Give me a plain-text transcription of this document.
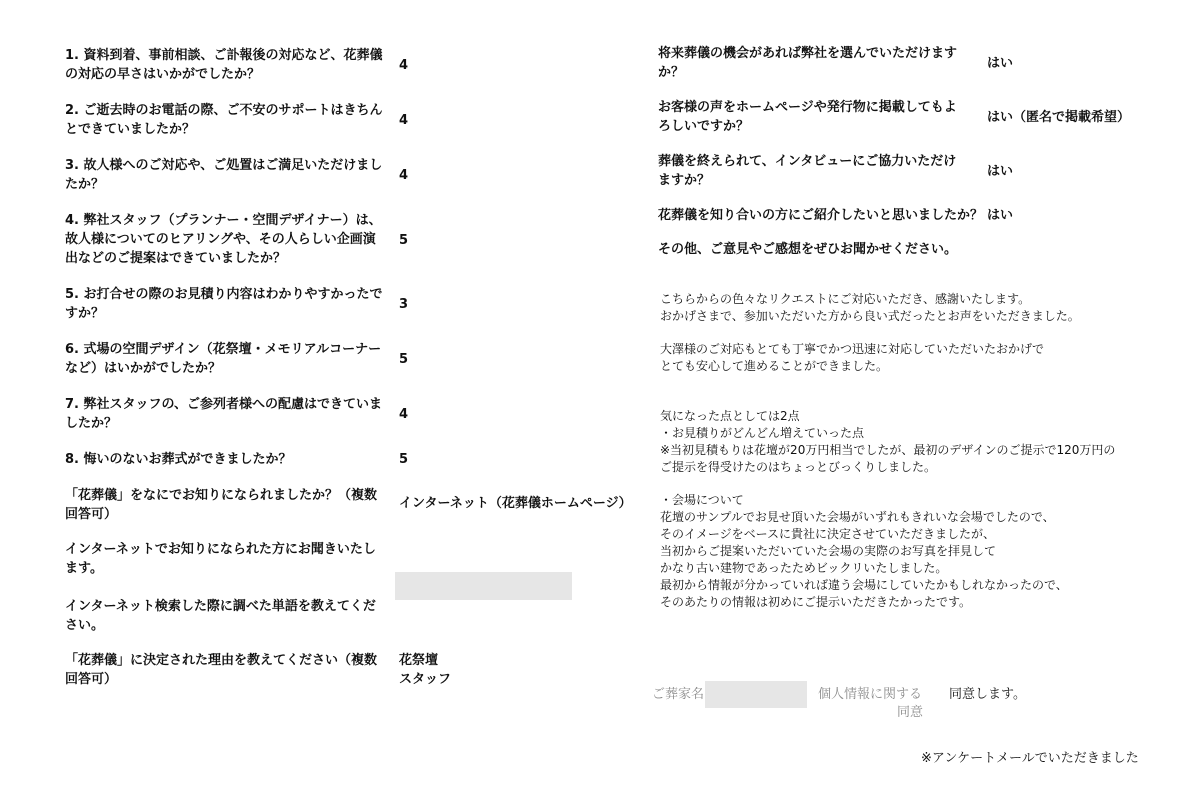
1. 資料到着、事前相談、ご訃報後の対応など、花葬儀の対応の早さはいかがでしたか？
4
2. ご逝去時のお電話の際、ご不安のサポートはきちんとできていましたか？
4
3. 故人様へのご対応や、ご処置はご満足いただけましたか？
4
4. 弊社スタッフ（プランナー・空間デザイナー）は、故人様についてのヒアリングや、その人らしい企画演出などのご提案はできていましたか？
5
5. お打合せの際のお見積り内容はわかりやすかったですか？
3
6. 式場の空間デザイン（花祭壇・メモリアルコーナーなど）はいかがでしたか？
5
7. 弊社スタッフの、ご参列者様への配慮はできていましたか？
4
8. 悔いのないお葬式ができましたか？	5
「花葬儀」をなにでお知りになられましたか？（複数回答可）
インターネット（花葬儀ホームページ）
インターネットでお知りになられた方にお聞きいたします。
インターネット検索した際に調べた単語を教えてください。
「花葬儀」に決定された理由を教えてください（複数回答可）
花祭壇
スタッフ
将来葬儀の機会があれば弊社を選んでいただけますか？
はい
お客様の声をホームページや発行物に掲載してもよろしいですか？
はい（匿名で掲載希望）
葬儀を終えられて、インタビューにご協力いただけますか？
はい
花葬儀を知り合いの方にご紹介したいと思いましたか？ はい
その他、ご意見やご感想をぜひお聞かせください。
こちらからの色々なリクエストにご対応いただき、感謝いたします。
おかげさまで、参加いただいた方から良い式だったとお声をいただきました。
大澤様のご対応もとても丁寧でかつ迅速に対応していただいたおかげで
とても安心して進めることができました。
気になった点としては2点
・お見積りがどんどん増えていった点
※当初見積もりは花壇が20万円相当でしたが、最初のデザインのご提示で120万円の
ご提示を得受けたのはちょっとびっくりしました。
・会場について
花壇のサンプルでお見せ頂いた会場がいずれもきれいな会場でしたので、
そのイメージをベースに貴社に決定させていただきましたが、
当初からご提案いただいていた会場の実際のお写真を拝見して
かなり古い建物であったためビックリいたしました。
最初から情報が分かっていれば違う会場にしていたかもしれなかったので、
そのあたりの情報は初めにご提示いただきたかったです。
ご葬家名	個人情報に関する
同意
同意します。
※アンケートメールでいただきました
